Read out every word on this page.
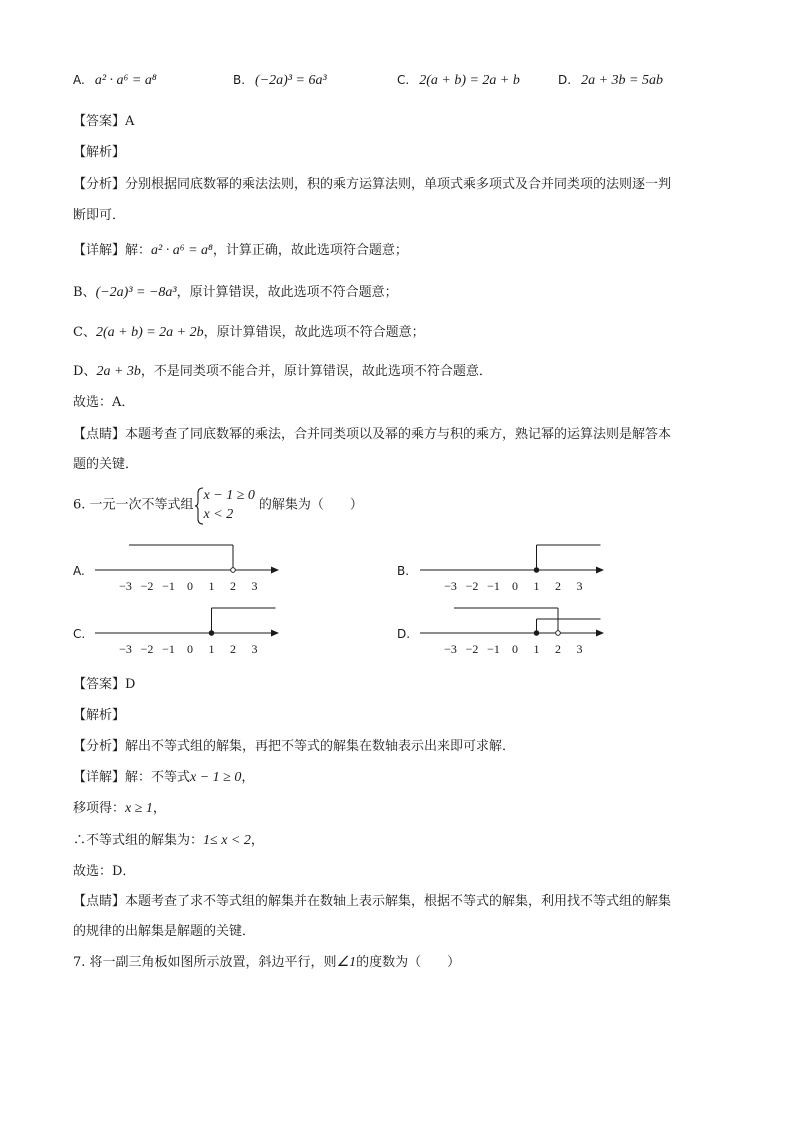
A. a² · a⁶ = a⁸	B. (−2a)³ = 6a³	C. 2(a + b) = 2a + b	D. 2a + 3b = 5ab
【答案】A
【解析】
【分析】分别根据同底数幂的乘法法则，积的乘方运算法则，单项式乘多项式及合并同类项的法则逐一判
断即可．
【详解】解：a² · a⁶ = a⁸，计算正确，故此选项符合题意；
B、(−2a)³ = −8a³，原计算错误，故此选项不符合题意；
C、2(a + b) = 2a + 2b，原计算错误，故此选项不符合题意；
D、2a + 3b，不是同类项不能合并，原计算错误，故此选项不符合题意．
故选：A．
【点睛】本题考查了同底数幂的乘法，合并同类项以及幂的乘方与积的乘方，熟记幂的运算法则是解答本
题的关键．
6. 一元一次不等式组
x − 1 ≥ 0
x < 2的解集为（　　）
A.	B.
C.	D.
−3 −2 −1 0 1 2 3	−3 −2 −1 0 1 2 3
−3 −2 −1 0 1 2 3	−3 −2 −1 0 1 2 3
【答案】D
【解析】
【分析】解出不等式组的解集，再把不等式的解集在数轴表示出来即可求解．
【详解】解：不等式x − 1 ≥ 0，
移项得：x ≥ 1，
∴不等式组的解集为：1≤ x < 2，
故选：D．
【点睛】本题考查了求不等式组的解集并在数轴上表示解集，根据不等式的解集，利用找不等式组的解集
的规律的出解集是解题的关键．
7. 将一副三角板如图所示放置，斜边平行，则∠1的度数为（　　）
